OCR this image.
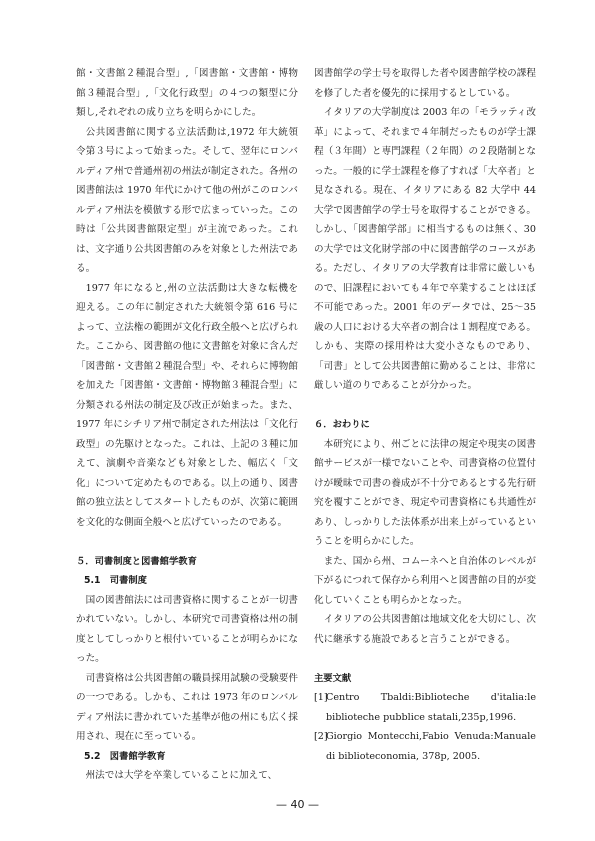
館・文書館２種混合型」,「図書館・文書館・博物館３種混合型」,「文化行政型」の４つの類型に分類し,それぞれの成り立ちを明らかにした。

公共図書館に関する立法活動は,1972 年大統領令第３号によって始まった。そして、翌年にロンバルディア州で普通州初の州法が制定された。各州の図書館法は 1970 年代にかけて他の州がこのロンバルディア州法を模倣する形で広まっていった。この時は「公共図書館限定型」が主流であった。これは、文字通り公共図書館のみを対象とした州法である。

1977 年になると,州の立法活動は大きな転機を迎える。この年に制定された大統領令第 616 号によって、立法権の範囲が文化行政全般へと広げられた。ここから、図書館の他に文書館を対象に含んだ「図書館・文書館２種混合型」や、それらに博物館を加えた「図書館・文書館・博物館３種混合型」に分類される州法の制定及び改正が始まった。また、1977 年にシチリア州で制定された州法は「文化行政型」の先駆けとなった。これは、上記の３種に加えて、演劇や音楽なども対象とした、幅広く「文化」について定めたものである。以上の通り、図書館の独立法としてスタートしたものが、次第に範囲を文化的な側面全般へと広げていったのである。

５．司書制度と図書館学教育

5.1　司書制度

国の図書館法には司書資格に関することが一切書かれていない。しかし、本研究で司書資格は州の制度としてしっかりと根付いていることが明らかになった。

司書資格は公共図書館の職員採用試験の受験要件の一つである。しかも、これは 1973 年のロンバルディア州法に書かれていた基準が他の州にも広く採用され、現在に至っている。

5.2　図書館学教育

州法では大学を卒業していることに加えて、

図書館学の学士号を取得した者や図書館学校の課程を修了した者を優先的に採用するとしている。

イタリアの大学制度は 2003 年の「モラッティ改革」によって、それまで４年制だったものが学士課程（３年間）と専門課程（２年間）の２段階制となった。一般的に学士課程を修了すれば「大卒者」と見なされる。現在、イタリアにある 82 大学中 44 大学で図書館学の学士号を取得することができる。しかし、「図書館学部」に相当するものは無く、30 の大学では文化財学部の中に図書館学のコースがある。ただし、イタリアの大学教育は非常に厳しいもので、旧課程においても４年で卒業することはほぼ不可能であった。2001 年のデータでは、25～35 歳の人口における大卒者の割合は１割程度である。しかも、実際の採用枠は大変小さなものであり、「司書」として公共図書館に勤めることは、非常に厳しい道のりであることが分かった。

６．おわりに

本研究により、州ごとに法律の規定や現実の図書館サービスが一様でないことや、司書資格の位置付けが曖昧で司書の養成が不十分であるとする先行研究を覆すことができ、現定や司書資格にも共通性があり、しっかりした法体系が出来上がっているということを明らかにした。

また、国から州、コムーネへと自治体のレベルが下がるにつれて保存から利用へと図書館の目的が変化していくことも明らかとなった。

イタリアの公共図書館は地域文化を大切にし、次代に継承する施設であると言うことができる。

主要文献

[1]Centro Tbaldi:Biblioteche d'italia:le biblioteche pubblice statali,235p,1996.

[2]Giorgio Montecchi,Fabio Venuda:Manuale di biblioteconomia, 378p, 2005.

— 40 —
